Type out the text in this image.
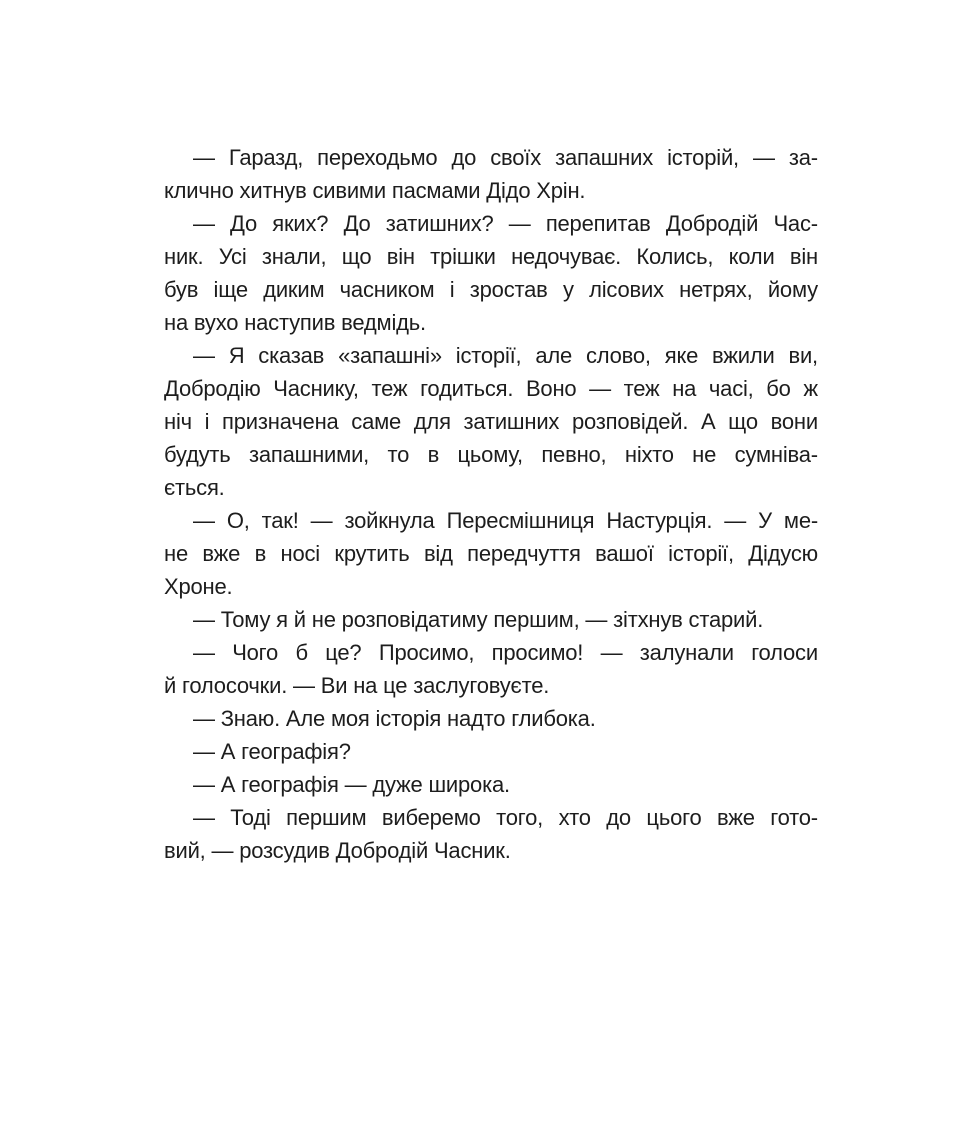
— Гаразд, переходьмо до своїх запашних історій, — за-
клично хитнув сивими пасмами Дідо Хрін.
— До яких? До затишних? — перепитав Добродій Час-
ник. Усі знали, що він трішки недочуває. Колись, коли він
був іще диким часником і зростав у лісових нетрях, йому
на вухо наступив ведмідь.
— Я сказав «запашні» історії, але слово, яке вжили ви,
Добродію Часнику, теж годиться. Воно — теж на часі, бо ж
ніч і призначена саме для затишних розповідей. А що вони
будуть запашними, то в цьому, певно, ніхто не сумніва-
ється.
— О, так! — зойкнула Пересмішниця Настурція. — У ме-
не вже в носі крутить від передчуття вашої історії, Дідусю
Хроне.
— Тому я й не розповідатиму першим, — зітхнув старий.
— Чого б це? Просимо, просимо! — залунали голоси
й голосочки. — Ви на це заслуговуєте.
— Знаю. Але моя історія надто глибока.
— А географія?
— А географія — дуже широка.
— Тоді першим виберемо того, хто до цього вже гото-
вий, — розсудив Добродій Часник.
